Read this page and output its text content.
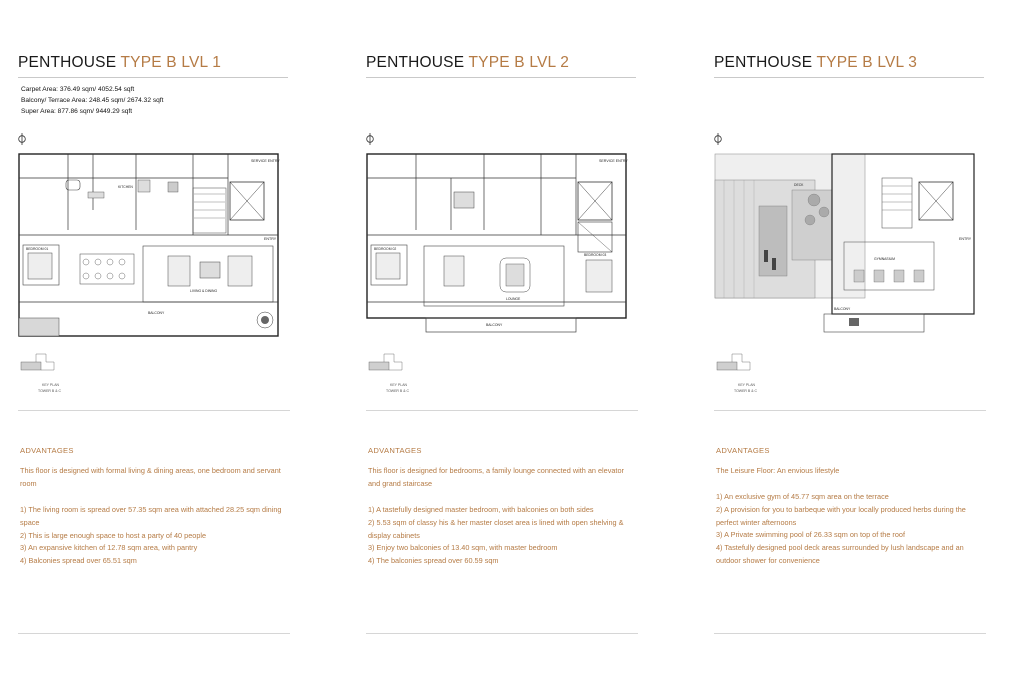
PENTHOUSE TYPE B LVL 1
Carpet Area: 376.49 sqm/ 4052.54 sqft
Balcony/ Terrace Area: 248.45 sqm/ 2674.32 sqft
Super Area: 877.86 sqm/ 9449.29 sqft
SERVICE ENTRY
ENTRY
LIVING & DINING
BEDROOM 01
KITCHEN
BALCONY
KEY PLAN
TOWER B & C
ADVANTAGES

This floor is designed with formal living & dining areas, one bedroom and servant room

1) The living room is spread over 57.35 sqm area with attached 28.25 sqm dining space

2) This is large enough space to host a party of 40 people

3) An expansive kitchen of 12.78 sqm area, with pantry

4) Balconies spread over 65.51 sqm

PENTHOUSE TYPE B LVL 2
SERVICE ENTRY
LOUNGE
BEDROOM 02
BEDROOM 03
BALCONY
KEY PLAN
TOWER B & C
ADVANTAGES

This floor is designed for bedrooms, a family lounge connected with an elevator and grand staircase

1) A tastefully designed master bedroom, with balconies on both sides

2) 5.53 sqm of classy his & her master closet area is lined with open shelving & display cabinets

3) Enjoy two balconies of 13.40 sqm, with master bedroom

4) The balconies spread over 60.59 sqm

PENTHOUSE TYPE B LVL 3
ENTRY
GYMNASIUM
DECK
BALCONY
KEY PLAN
TOWER B & C
ADVANTAGES

The Leisure Floor: An envious lifestyle

1) An exclusive gym of 45.77 sqm area on the terrace

2) A provision for you to barbeque with your locally produced herbs during the perfect winter afternoons

3) A Private swimming pool of 26.33 sqm on top of the roof

4) Tastefully designed pool deck areas surrounded by lush landscape and an outdoor shower for convenience
